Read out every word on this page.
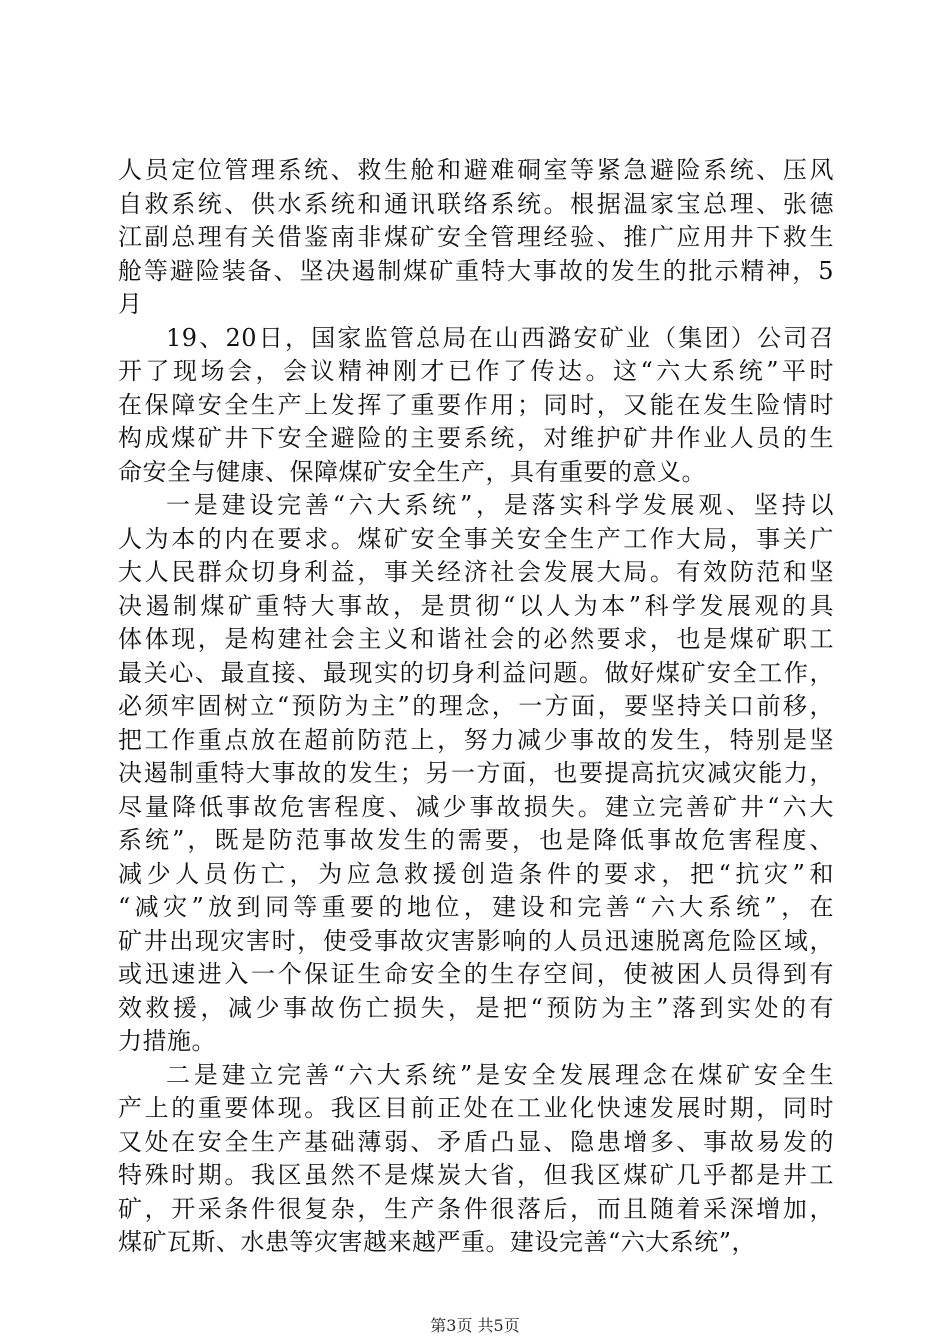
人员定位管理系统、救生舱和避难硐室等紧急避险系统、压风
自救系统、供水系统和通讯联络系统。根据温家宝总理、张德
江副总理有关借鉴南非煤矿安全管理经验、推广应用井下救生
舱等避险装备、坚决遏制煤矿重特大事故的发生的批示精神，5
月
19、20日，国家监管总局在山西潞安矿业（集团）公司召
开了现场会，会议精神刚才已作了传达。这“六大系统”平时
在保障安全生产上发挥了重要作用；同时，又能在发生险情时
构成煤矿井下安全避险的主要系统，对维护矿井作业人员的生
命安全与健康、保障煤矿安全生产，具有重要的意义。
一是建设完善“六大系统”，是落实科学发展观、坚持以
人为本的内在要求。煤矿安全事关安全生产工作大局，事关广
大人民群众切身利益，事关经济社会发展大局。有效防范和坚
决遏制煤矿重特大事故，是贯彻“以人为本”科学发展观的具
体体现，是构建社会主义和谐社会的必然要求，也是煤矿职工
最关心、最直接、最现实的切身利益问题。做好煤矿安全工作，
必须牢固树立“预防为主”的理念，一方面，要坚持关口前移，
把工作重点放在超前防范上，努力减少事故的发生，特别是坚
决遏制重特大事故的发生；另一方面，也要提高抗灾减灾能力，
尽量降低事故危害程度、减少事故损失。建立完善矿井“六大
系统”，既是防范事故发生的需要，也是降低事故危害程度、
减少人员伤亡，为应急救援创造条件的要求，把“抗灾”和
“减灾”放到同等重要的地位，建设和完善“六大系统”，在
矿井出现灾害时，使受事故灾害影响的人员迅速脱离危险区域，
或迅速进入一个保证生命安全的生存空间，使被困人员得到有
效救援，减少事故伤亡损失，是把“预防为主”落到实处的有
力措施。
二是建立完善“六大系统”是安全发展理念在煤矿安全生
产上的重要体现。我区目前正处在工业化快速发展时期，同时
又处在安全生产基础薄弱、矛盾凸显、隐患增多、事故易发的
特殊时期。我区虽然不是煤炭大省，但我区煤矿几乎都是井工
矿，开采条件很复杂，生产条件很落后，而且随着采深增加，
煤矿瓦斯、水患等灾害越来越严重。建设完善“六大系统”，
第3页 共5页
